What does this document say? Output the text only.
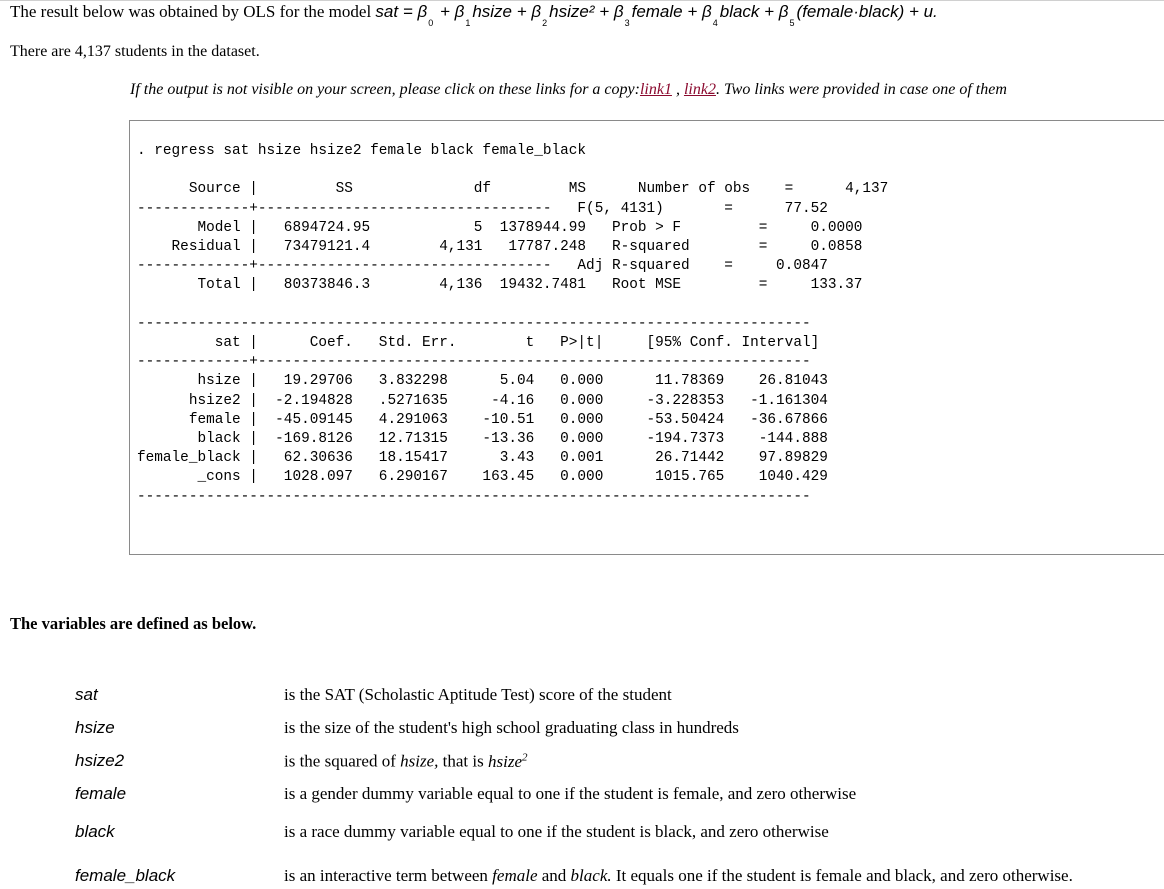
The result below was obtained by OLS for the model sat = β0 + β1hsize + β2hsize² + β3female + β4black + β5(female·black) + u.
There are 4,137 students in the dataset.
If the output is not visible on your screen, please click on these links for a copy:link1 , link2. Two links were provided in case one of them
. regress sat hsize hsize2 female black female_black

Source |         SS              df         MS      Number of obs    =      4,137
-------------+----------------------------------   F(5, 4131)       =      77.52
Model |   6894724.95            5  1378944.99   Prob > F         =     0.0000
Residual |   73479121.4        4,131   17787.248   R-squared        =     0.0858
-------------+----------------------------------   Adj R-squared    =     0.0847
Total |   80373846.3        4,136  19432.7481   Root MSE         =     133.37

------------------------------------------------------------------------------
sat |      Coef.   Std. Err.        t   P>|t|     [95% Conf. Interval]
-------------+----------------------------------------------------------------
hsize |   19.29706   3.832298      5.04   0.000      11.78369    26.81043
hsize2 |  -2.194828   .5271635     -4.16   0.000     -3.228353   -1.161304
female |  -45.09145   4.291063    -10.51   0.000     -53.50424   -36.67866
black |  -169.8126   12.71315    -13.36   0.000     -194.7373    -144.888
female_black |   62.30636   18.15417      3.43   0.001      26.71442    97.89829
_cons |   1028.097   6.290167    163.45   0.000      1015.765    1040.429
------------------------------------------------------------------------------
The variables are defined as below.
sat	is the SAT (Scholastic Aptitude Test) score of the student
hsize	is the size of the student's high school graduating class in hundreds
hsize2	is the squared of hsize, that is hsize$^2$
female	is a gender dummy variable equal to one if the student is female, and zero otherwise
black	is a race dummy variable equal to one if the student is black, and zero otherwise
female_black	is an interactive term between female and black. It equals one if the student is female and black, and zero otherwise.
